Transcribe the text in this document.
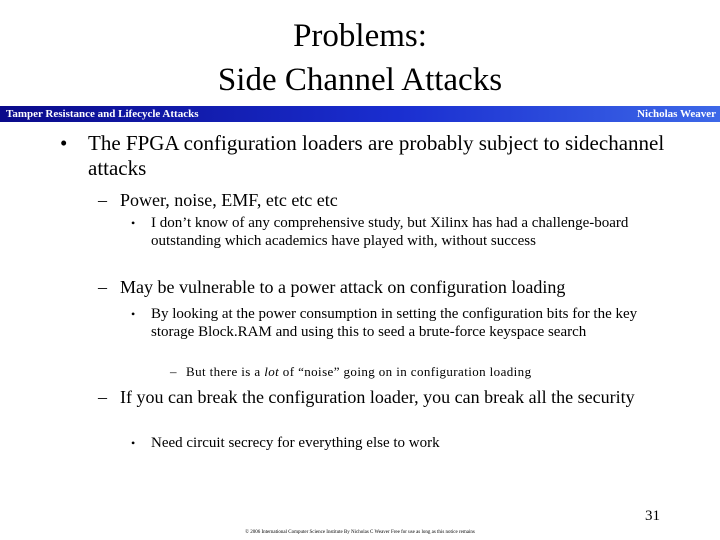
Problems:
Side Channel Attacks
Tamper Resistance and Lifecycle Attacks	Nicholas Weaver
• The FPGA configuration loaders are probably subject to sidechannel attacks
– Power, noise, EMF, etc etc etc
• I don’t know of any comprehensive study, but Xilinx has had a challenge-board outstanding which academics have played with, without success
– May be vulnerable to a power attack on configuration loading
• By looking at the power consumption in setting the configuration bits for the key storage Block.RAM and using this to seed a brute-force keyspace search
– But there is a lot of “noise” going on in configuration loading
– If you can break the configuration loader, you can break all the security
• Need circuit secrecy for everything else to work
31
© 2006 International Computer Science Institute By Nicholas C Weaver Free for use as long as this notice remains
